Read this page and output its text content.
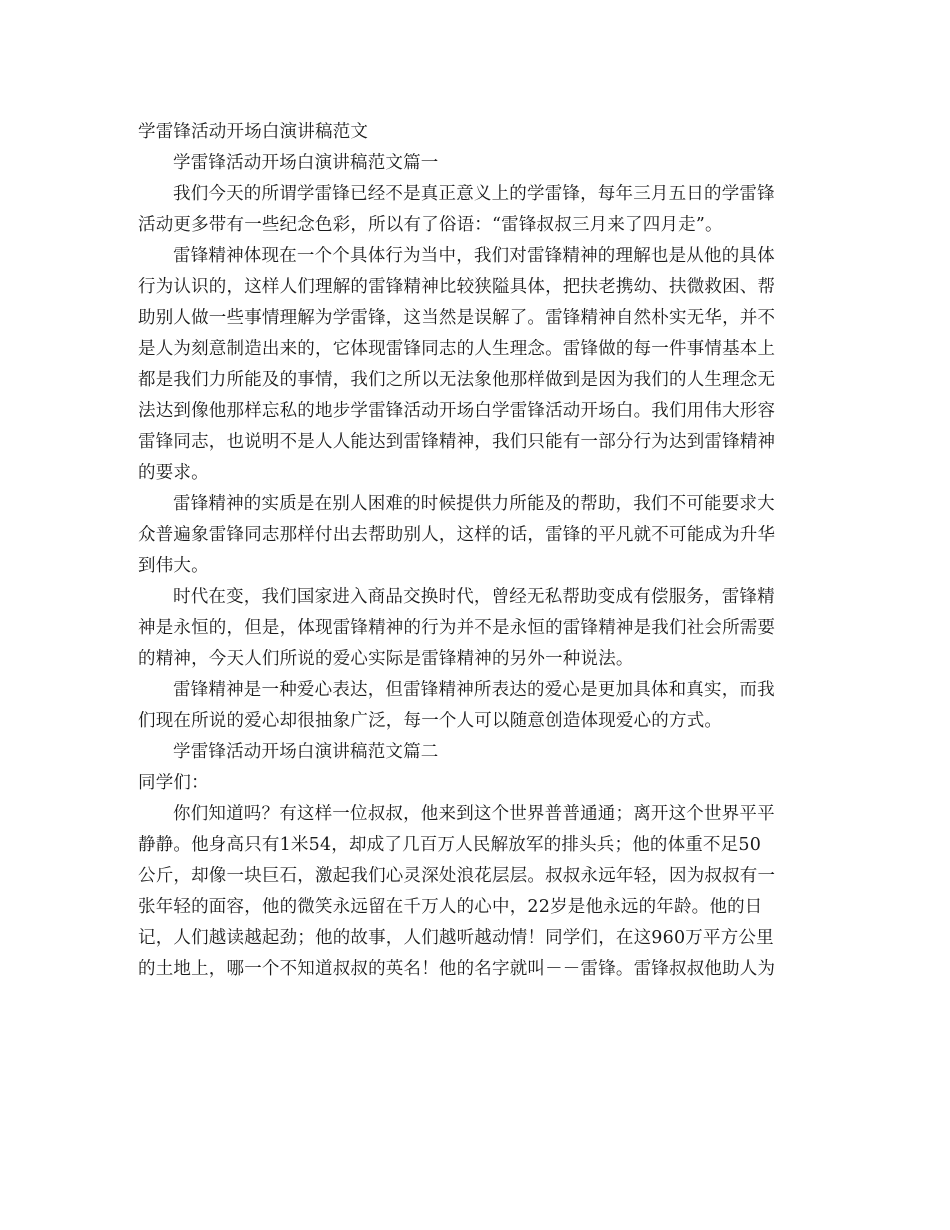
学雷锋活动开场白演讲稿范文

学雷锋活动开场白演讲稿范文篇一

我们今天的所谓学雷锋已经不是真正意义上的学雷锋，每年三月五日的学雷锋

活动更多带有一些纪念色彩，所以有了俗语：“雷锋叔叔三月来了四月走”。

雷锋精神体现在一个个具体行为当中，我们对雷锋精神的理解也是从他的具体

行为认识的，这样人们理解的雷锋精神比较狭隘具体，把扶老携幼、扶微救困、帮

助别人做一些事情理解为学雷锋，这当然是误解了。雷锋精神自然朴实无华，并不

是人为刻意制造出来的，它体现雷锋同志的人生理念。雷锋做的每一件事情基本上

都是我们力所能及的事情，我们之所以无法象他那样做到是因为我们的人生理念无

法达到像他那样忘私的地步学雷锋活动开场白学雷锋活动开场白。我们用伟大形容

雷锋同志，也说明不是人人能达到雷锋精神，我们只能有一部分行为达到雷锋精神

的要求。

雷锋精神的实质是在别人困难的时候提供力所能及的帮助，我们不可能要求大

众普遍象雷锋同志那样付出去帮助别人，这样的话，雷锋的平凡就不可能成为升华

到伟大。

时代在变，我们国家进入商品交换时代，曾经无私帮助变成有偿服务，雷锋精

神是永恒的，但是，体现雷锋精神的行为并不是永恒的雷锋精神是我们社会所需要

的精神，今天人们所说的爱心实际是雷锋精神的另外一种说法。

雷锋精神是一种爱心表达，但雷锋精神所表达的爱心是更加具体和真实，而我

们现在所说的爱心却很抽象广泛，每一个人可以随意创造体现爱心的方式。

学雷锋活动开场白演讲稿范文篇二

同学们：

你们知道吗？有这样一位叔叔，他来到这个世界普普通通；离开这个世界平平

静静。他身高只有1米54，却成了几百万人民解放军的排头兵；他的体重不足50

公斤，却像一块巨石，激起我们心灵深处浪花层层。叔叔永远年轻，因为叔叔有一

张年轻的面容，他的微笑永远留在千万人的心中，22岁是他永远的年龄。他的日

记，人们越读越起劲；他的故事，人们越听越动情！同学们，在这960万平方公里

的土地上，哪一个不知道叔叔的英名！他的名字就叫－－雷锋。雷锋叔叔他助人为
